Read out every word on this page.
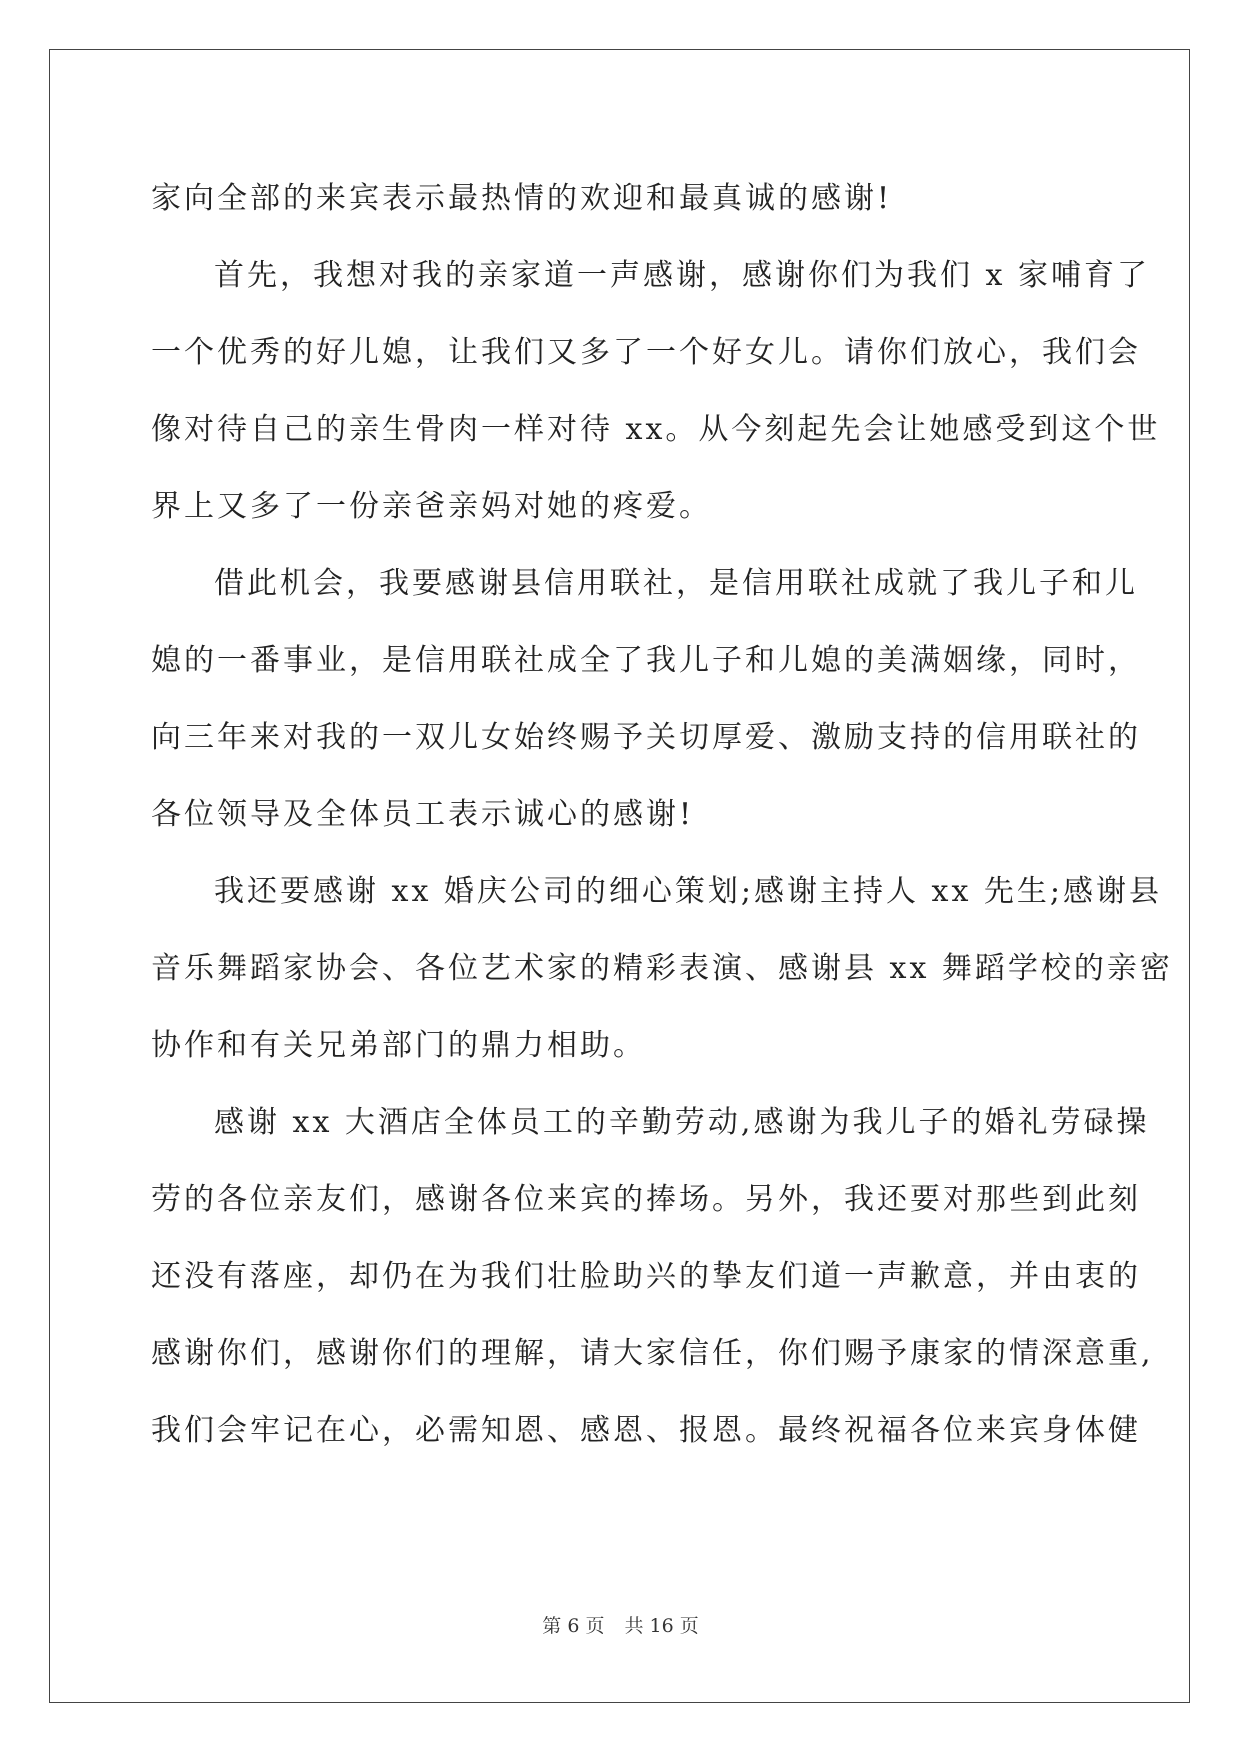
家向全部的来宾表示最热情的欢迎和最真诚的感谢!
首先，我想对我的亲家道一声感谢，感谢你们为我们 x 家哺育了
一个优秀的好儿媳，让我们又多了一个好女儿。请你们放心，我们会
像对待自己的亲生骨肉一样对待 xx。从今刻起先会让她感受到这个世
界上又多了一份亲爸亲妈对她的疼爱。
借此机会，我要感谢县信用联社，是信用联社成就了我儿子和儿
媳的一番事业，是信用联社成全了我儿子和儿媳的美满姻缘，同时，
向三年来对我的一双儿女始终赐予关切厚爱、激励支持的信用联社的
各位领导及全体员工表示诚心的感谢!
我还要感谢 xx 婚庆公司的细心策划;感谢主持人 xx 先生;感谢县
音乐舞蹈家协会、各位艺术家的精彩表演、感谢县 xx 舞蹈学校的亲密
协作和有关兄弟部门的鼎力相助。
感谢 xx 大酒店全体员工的辛勤劳动,感谢为我儿子的婚礼劳碌操
劳的各位亲友们，感谢各位来宾的捧场。另外，我还要对那些到此刻
还没有落座，却仍在为我们壮脸助兴的挚友们道一声歉意，并由衷的
感谢你们，感谢你们的理解，请大家信任，你们赐予康家的情深意重,
我们会牢记在心，必需知恩、感恩、报恩。最终祝福各位来宾身体健
第 6 页 共 16 页
